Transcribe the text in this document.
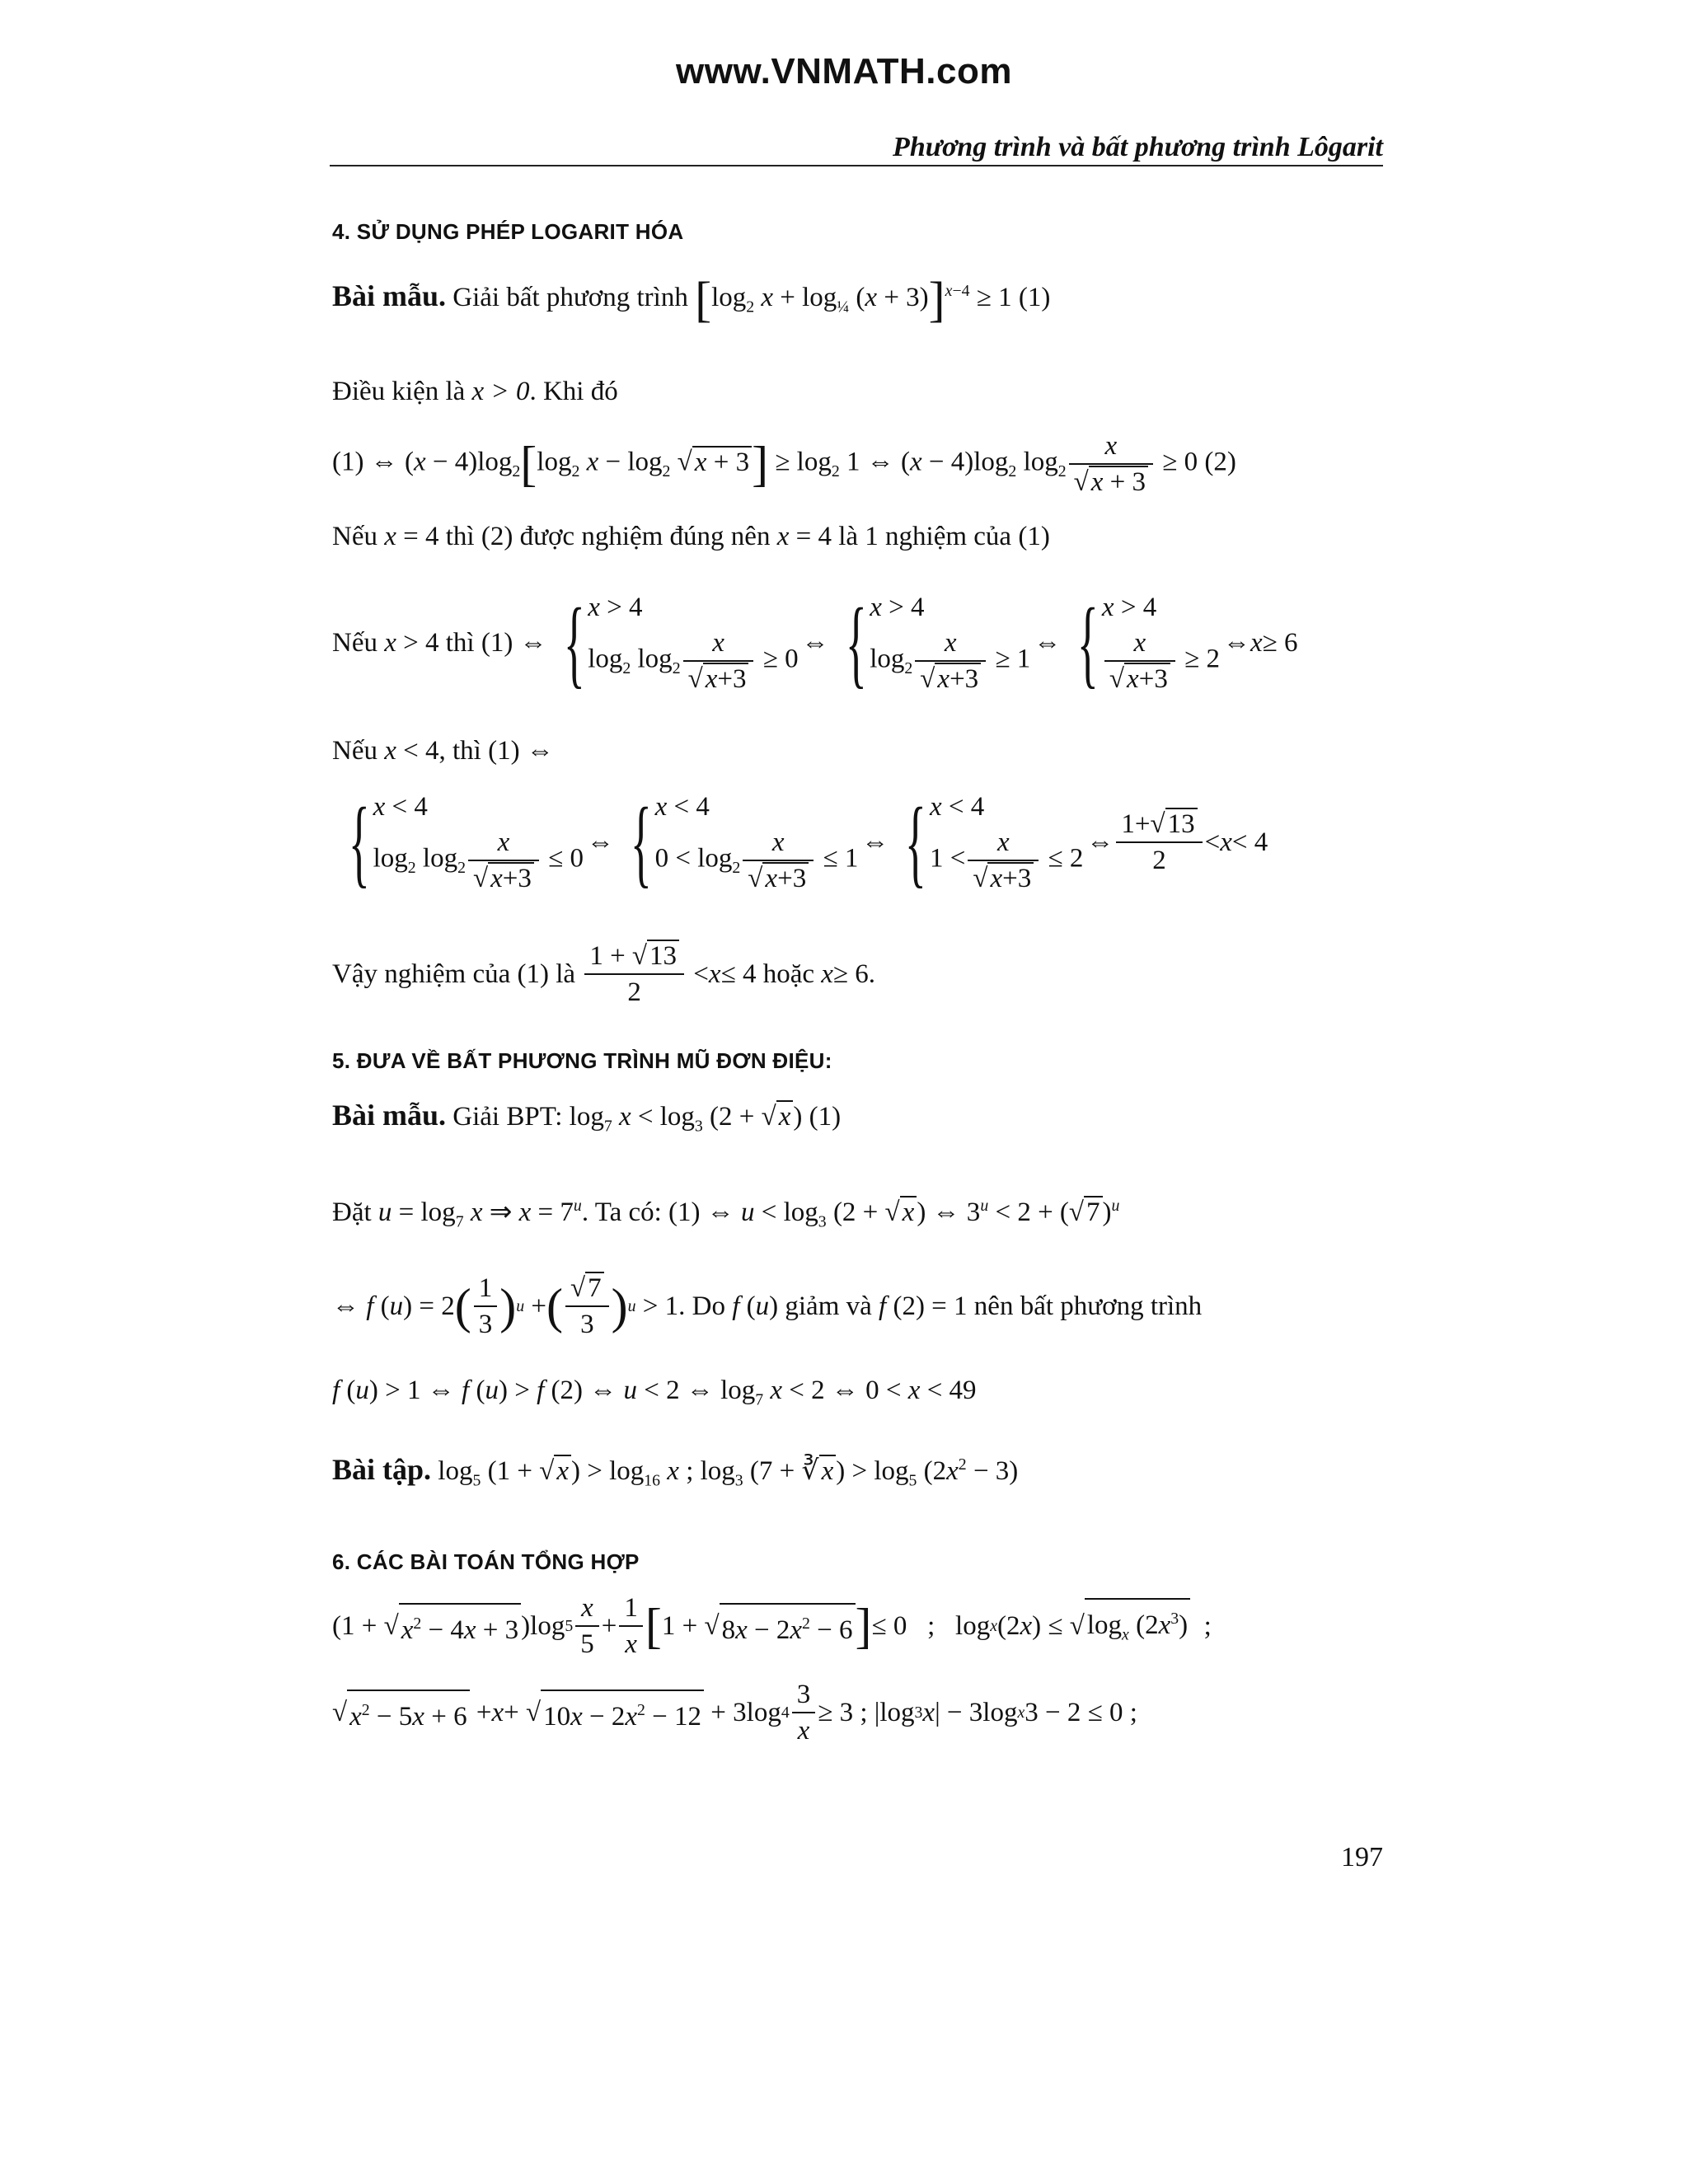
www.VNMATH.com
Phương trình và bất phương trình Lôgarit
4. SỬ DỤNG PHÉP LOGARIT HÓA
Bài mẫu. Giải bất phương trình [$\log_2$ $x + \log_{\frac{1}{4}} (x + 3)]^{x-4} \ge 1$ (1)
Điều kiện là x > 0. Khi đó
(1) ⇔ $(x - 4)\log_2[\log_2$ $x - \log_2 √x + 3] \ge \log_2 1$ ⇔ $(x - 4)\log_2$ $\log_2 \frac{x}{√x + 3} \ge 0$ (2)
Nếu x = 4 thì (2) được nghiệm đúng nên x = 4 là 1 nghiệm của (1)
Nếu
x > 4 thì (1) ⇔ { x > 4
$\log_2 \log_2 \frac{x}{√x+3} \ge 0$
⇔ { x > 4
$\log_2 \frac{x}{√x+3} \ge 1$
⇔ { x > 4
$\frac{x}{√x+3} \ge 2$
⇔ x ≥ 6
Nếu x < 4, thì (1) ⇔
{ x < 4
$\log_2 \log_2 \frac{x}{√x+3} \le 0$
⇔ { x < 4
$0 < \log_2 \frac{x}{√x+3} \le 1$
⇔ { x < 4
$1 < \frac{x}{√x+3} \le 2$
⇔ $\frac{1+√13}{2} < x < 4$
Vậy nghiệm của (1) là
$\frac{1 + √13}{2} < x \le 4$ hoặc
x ≥ 6.
5. ĐƯA VỀ BẤT PHƯƠNG TRÌNH MŨ ĐƠN ĐIỆU:
Bài mẫu. Giải BPT: $\log_7 x < \log_3 (2 + √x)$ (1)
Đặt $u = \log_7 x$ ⇒ $x = 7^u$. Ta có: (1) ⇔ $u < \log_3 (2 + √x)$ ⇔ $3^u < 2 + (√7)^u$
⇔ f ( u ) = 2 ( $\frac{1}{3}$ ) u + ( $\frac{√7}{3}$ ) u > 1 . Do
f ( u ) giảm và
f (2) = 1 nên bất phương trình
f (u) > 1 ⇔ f (u) > f (2) ⇔ u < 2 ⇔ $\log_7 x < 2$ ⇔ 0 < x < 49
Bài tập. $\log_5 (1 + √x) > \log_{16} x$ ; $\log_3 (7$ + ∛x) > $\log_5 (2x^2 - 3)$
6. CÁC BÀI TOÁN TỔNG HỢP
(1 + √ $x^2 - 4x + 3$ )log $5 \frac{x}{5} + \frac{1}{x}$ [ 1 + √ $8x - 2x^2 - 6$ ] ≤ 0   ;   log x (2 x ) ≤ √ $\log_x (2x^3)$ ;
√ $x^2 - 5x + 6 + x$ + √ $10x - 2x^2 - 12 + 3\log$ $4 \frac{3}{x} \ge 3$ ; |log 3 x | − 3log x 3 − 2 ≤ 0 ;
197
